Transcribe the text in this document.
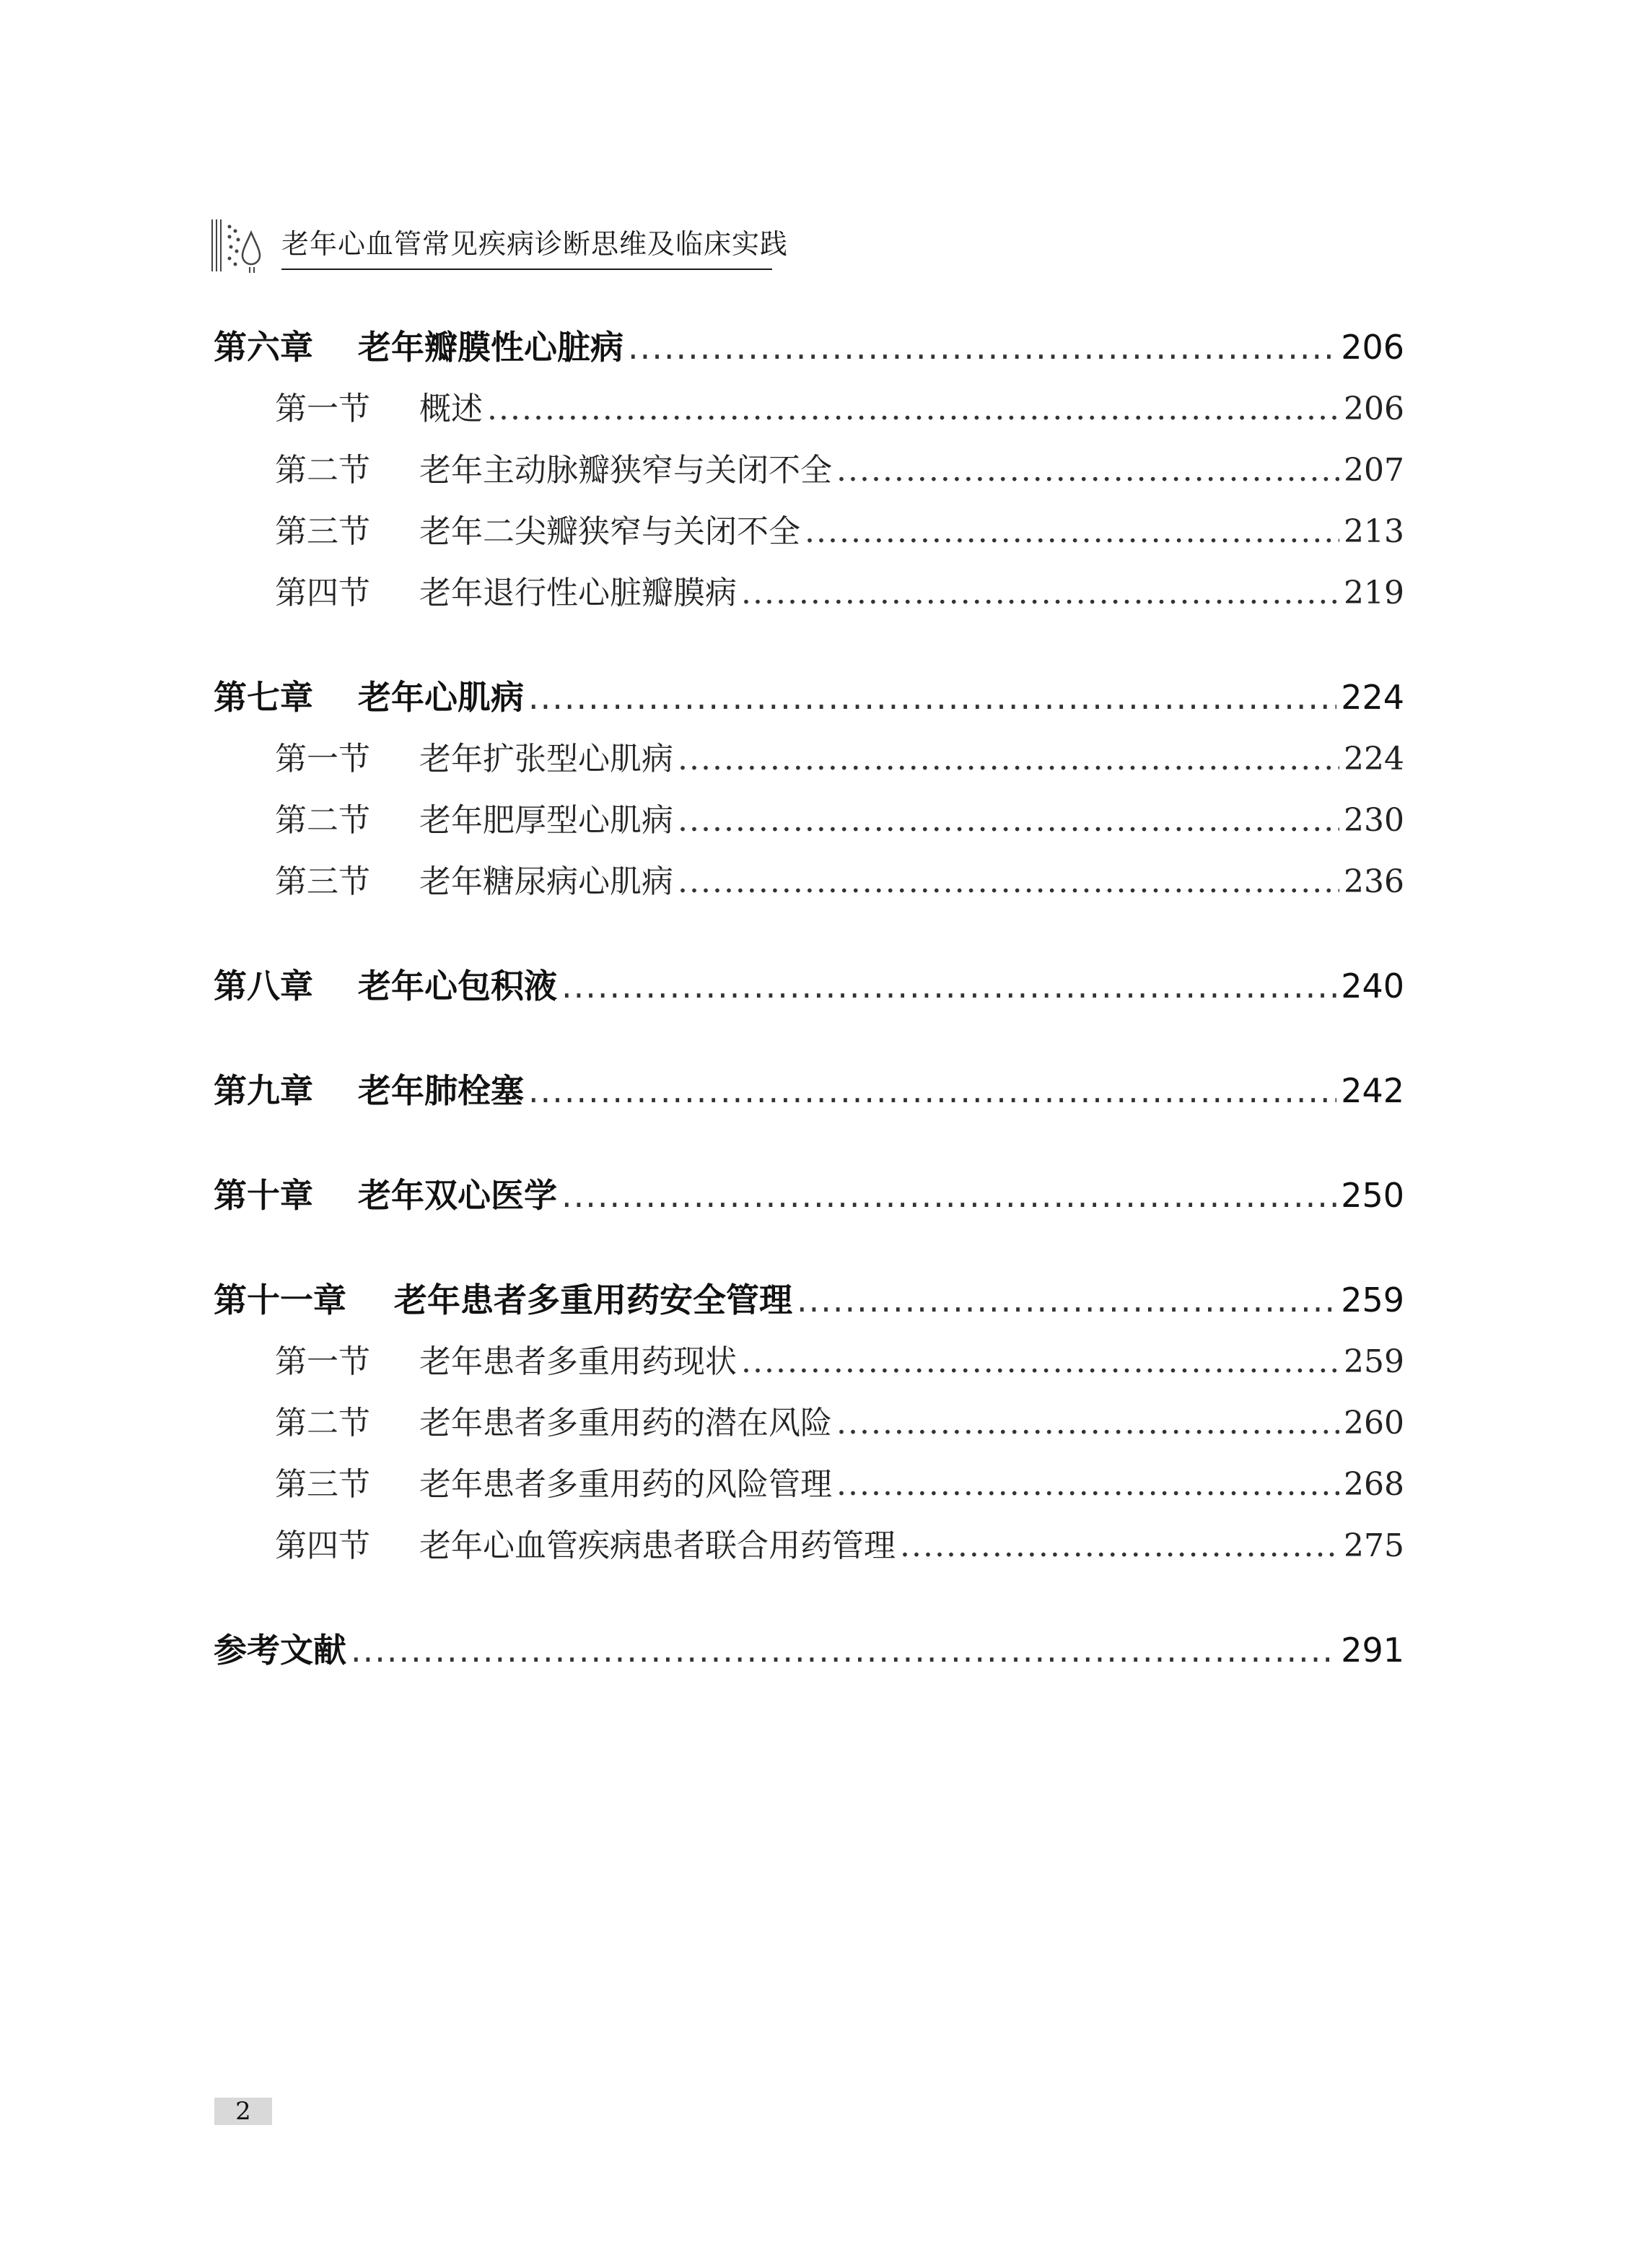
老年心血管常见疾病诊断思维及临床实践
第六章	老年瓣膜性心脏病 .....	206
第一节	概述 .....	206
第二节	老年主动脉瓣狭窄与关闭不全 .....	207
第三节	老年二尖瓣狭窄与关闭不全 .....	213
第四节	老年退行性心脏瓣膜病 .....	219
第七章	老年心肌病 .....	224
第一节	老年扩张型心肌病 .....	224
第二节	老年肥厚型心肌病 .....	230
第三节	老年糖尿病心肌病 .....	236
第八章	老年心包积液 .....	240
第九章	老年肺栓塞 .....	242
第十章	老年双心医学 .....	250
第十一章	老年患者多重用药安全管理 .....	259
第一节	老年患者多重用药现状 .....	259
第二节	老年患者多重用药的潜在风险 .....	260
第三节	老年患者多重用药的风险管理 .....	268
第四节	老年心血管疾病患者联合用药管理 .....	275
参考文献 .....	291
2
